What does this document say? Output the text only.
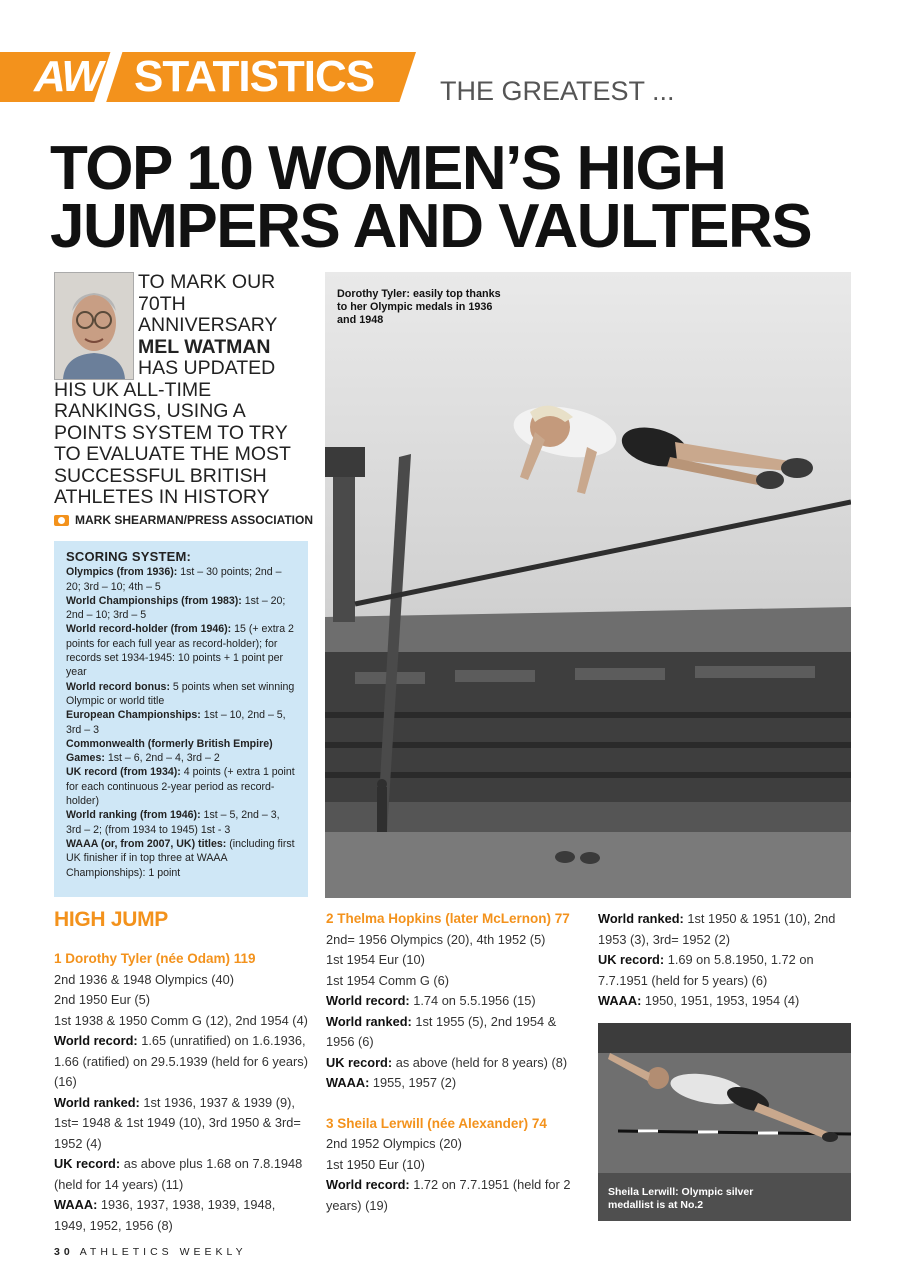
AW STATISTICS THE GREATEST ...
TOP 10 WOMEN’S HIGH JUMPERS AND VAULTERS
TO MARK OUR 70TH ANNIVERSARY MEL WATMAN HAS UPDATED HIS UK ALL-TIME RANKINGS, USING A POINTS SYSTEM TO TRY TO EVALUATE THE MOST SUCCESSFUL BRITISH ATHLETES IN HISTORY
MARK SHEARMAN/PRESS ASSOCIATION
SCORING SYSTEM:
Olympics (from 1936): 1st – 30 points; 2nd – 20; 3rd – 10; 4th – 5
World Championships (from 1983): 1st – 20; 2nd – 10; 3rd – 5
World record-holder (from 1946): 15 (+ extra 2 points for each full year as record-holder); for records set 1934-1945: 10 points + 1 point per year
World record bonus: 5 points when set winning Olympic or world title
European Championships: 1st – 10, 2nd – 5, 3rd – 3
Commonwealth (formerly British Empire) Games: 1st – 6, 2nd – 4, 3rd – 2
UK record (from 1934): 4 points (+ extra 1 point for each continuous 2-year period as record-holder)
World ranking (from 1946): 1st – 5, 2nd – 3, 3rd – 2; (from 1934 to 1945) 1st - 3
WAAA (or, from 2007, UK) titles: (including first UK finisher if in top three at WAAA Championships): 1 point
Dorothy Tyler: easily top thanks to her Olympic medals in 1936 and 1948
HIGH JUMP

1 Dorothy Tyler (née Odam) 119

2nd 1936 & 1948 Olympics (40)

2nd 1950 Eur (5)

1st 1938 & 1950 Comm G (12), 2nd 1954 (4)

World record: 1.65 (unratified) on 1.6.1936, 1.66 (ratified) on 29.5.1939 (held for 6 years) (16)

World ranked: 1st 1936, 1937 & 1939 (9), 1st= 1948 & 1st 1949 (10), 3rd 1950 & 3rd= 1952 (4)

UK record: as above plus 1.68 on 7.8.1948 (held for 14 years) (11)

WAAA: 1936, 1937, 1938, 1939, 1948, 1949, 1952, 1956 (8)

2 Thelma Hopkins (later McLernon) 77

2nd= 1956 Olympics (20), 4th 1952 (5)

1st 1954 Eur (10)

1st 1954 Comm G (6)

World record: 1.74 on 5.5.1956 (15)

World ranked: 1st 1955 (5), 2nd 1954 & 1956 (6)

UK record: as above (held for 8 years) (8)

WAAA: 1955, 1957 (2)

3 Sheila Lerwill (née Alexander) 74

2nd 1952 Olympics (20)

1st 1950 Eur (10)

World record: 1.72 on 7.7.1951 (held for 2 years) (19)

World ranked: 1st 1950 & 1951 (10), 2nd 1953 (3), 3rd= 1952 (2)

UK record: 1.69 on 5.8.1950, 1.72 on 7.7.1951 (held for 5 years) (6)

WAAA: 1950, 1951, 1953, 1954 (4)

Sheila Lerwill: Olympic silver medallist is at No.2
30 ATHLETICS WEEKLY
